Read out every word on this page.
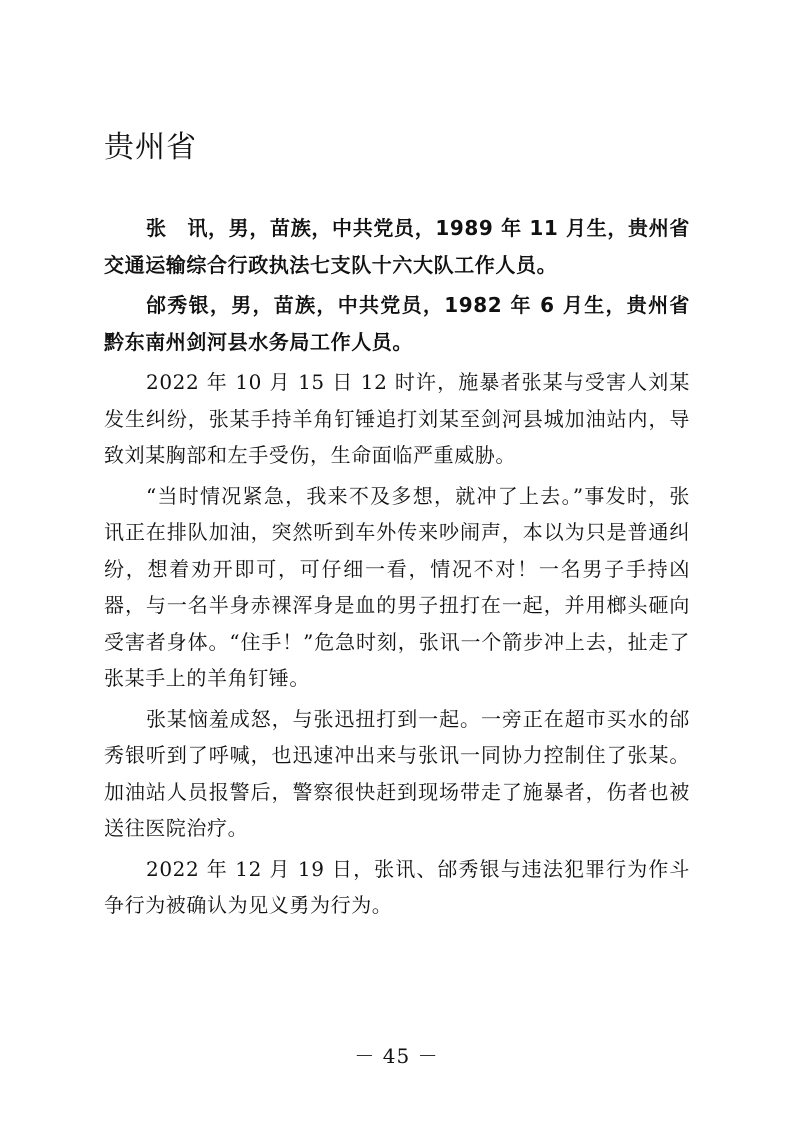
贵州省

张　讯，男，苗族，中共党员，1989 年 11 月生，贵州省交通运输综合行政执法七支队十六大队工作人员。

邰秀银，男，苗族，中共党员，1982 年 6 月生，贵州省黔东南州剑河县水务局工作人员。

2022 年 10 月 15 日 12 时许，施暴者张某与受害人刘某发生纠纷，张某手持羊角钉锤追打刘某至剑河县城加油站内，导致刘某胸部和左手受伤，生命面临严重威胁。

“当时情况紧急，我来不及多想，就冲了上去。”事发时，张讯正在排队加油，突然听到车外传来吵闹声，本以为只是普通纠纷，想着劝开即可，可仔细一看，情况不对！一名男子手持凶器，与一名半身赤裸浑身是血的男子扭打在一起，并用榔头砸向受害者身体。“住手！”危急时刻，张讯一个箭步冲上去，扯走了张某手上的羊角钉锤。

张某恼羞成怒，与张迅扭打到一起。一旁正在超市买水的邰秀银听到了呼喊，也迅速冲出来与张讯一同协力控制住了张某。加油站人员报警后，警察很快赶到现场带走了施暴者，伤者也被送往医院治疗。

2022 年 12 月 19 日，张讯、邰秀银与违法犯罪行为作斗争行为被确认为见义勇为行为。

－ 45 －
